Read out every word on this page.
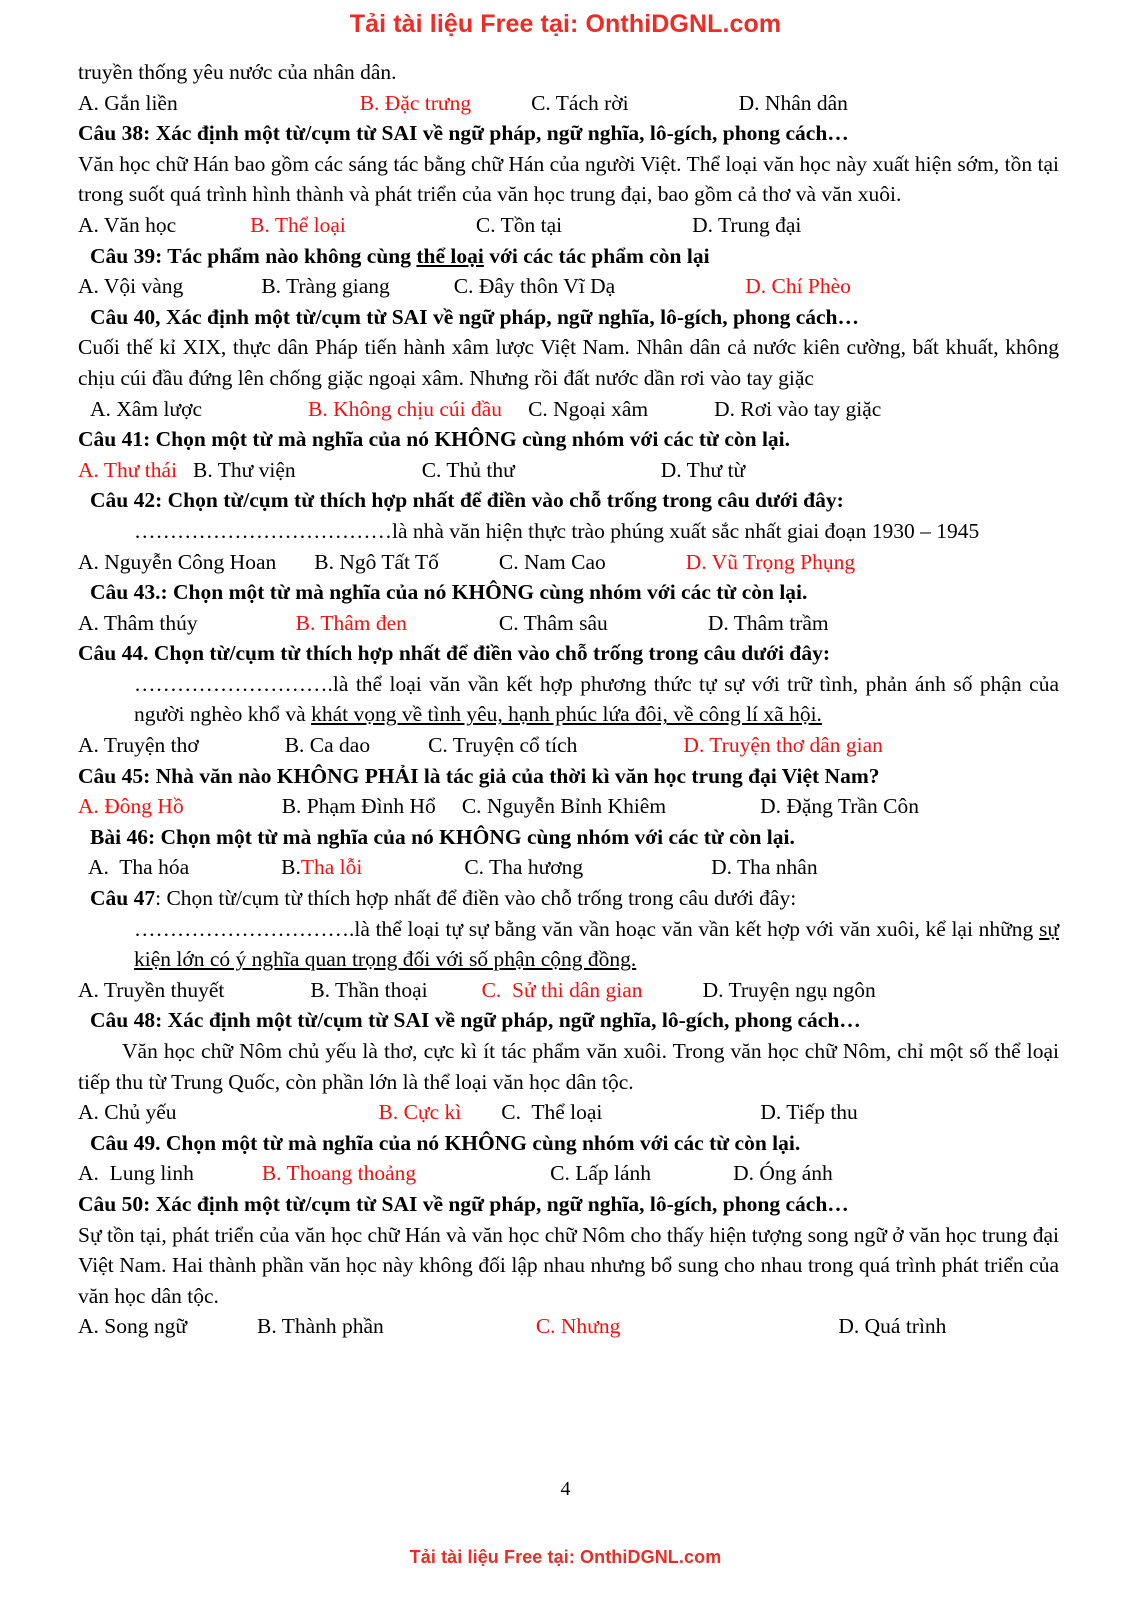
Tải tài liệu Free tại: OnthiDGNL.com
truyền thống yêu nước của nhân dân.
A. Gắn liền	B. Đặc trưng	C. Tách rời	D. Nhân dân
Câu 38: Xác định một từ/cụm từ SAI về ngữ pháp, ngữ nghĩa, lô-gích, phong cách…
Văn học chữ Hán bao gồm các sáng tác bằng chữ Hán của người Việt. Thể loại văn học này xuất hiện sớm, tồn tại trong suốt quá trình hình thành và phát triển của văn học trung đại, bao gồm cả thơ và văn xuôi.
A. Văn học	B. Thể loại	C. Tồn tại	D. Trung đại
Câu 39: Tác phẩm nào không cùng thể loại với các tác phẩm còn lại
A. Vội vàng	B. Tràng giang	C. Đây thôn Vĩ Dạ	D. Chí Phèo
Câu 40, Xác định một từ/cụm từ SAI về ngữ pháp, ngữ nghĩa, lô-gích, phong cách…
Cuối thế kỉ XIX, thực dân Pháp tiến hành xâm lược Việt Nam. Nhân dân cả nước kiên cường, bất khuất, không chịu cúi đầu đứng lên chống giặc ngoại xâm. Nhưng rồi đất nước dần rơi vào tay giặc
A. Xâm lược	B. Không chịu cúi đầu C. Ngoại xâm	D. Rơi vào tay giặc
Câu 41: Chọn một từ mà nghĩa của nó KHÔNG cùng nhóm với các từ còn lại.
A. Thư thái B. Thư viện	C. Thủ thư	D. Thư từ
Câu 42: Chọn từ/cụm từ thích hợp nhất để điền vào chỗ trống trong câu dưới đây:
………………………………là nhà văn hiện thực trào phúng xuất sắc nhất giai đoạn 1930 – 1945
A. Nguyễn Công Hoan B. Ngô Tất Tố	C. Nam Cao	D. Vũ Trọng Phụng
Câu 43.: Chọn một từ mà nghĩa của nó KHÔNG cùng nhóm với các từ còn lại.
A. Thâm thúy	B. Thâm đen	C. Thâm sâu	D. Thâm trầm
Câu 44. Chọn từ/cụm từ thích hợp nhất để điền vào chỗ trống trong câu dưới đây:
……………………….là thể loại văn vần kết hợp phương thức tự sự với trữ tình, phản ánh số phận của người nghèo khổ và khát vọng về tình yêu, hạnh phúc lứa đôi, về công lí xã hội.
A. Truyện thơ	B. Ca dao	C. Truyện cổ tích	D. Truyện thơ dân gian
Câu 45: Nhà văn nào KHÔNG PHẢI là tác giả của thời kì văn học trung đại Việt Nam?
A. Đông Hồ	B. Phạm Đình Hổ C. Nguyễn Bỉnh Khiêm	D. Đặng Trần Côn
Bài 46: Chọn một từ mà nghĩa của nó KHÔNG cùng nhóm với các từ còn lại.
A.  Tha hóa	B.Tha lỗi	C. Tha hương	D. Tha nhân
Câu 47: Chọn từ/cụm từ thích hợp nhất để điền vào chỗ trống trong câu dưới đây:
………………………….là thể loại tự sự bằng văn vần hoạc văn vần kết hợp với văn xuôi, kể lại những sự kiện lớn có ý nghĩa quan trọng đối với số phận cộng đồng.
A. Truyền thuyết	B. Thần thoại	C.  Sử thi dân gian	D. Truyện ngụ ngôn
Câu 48: Xác định một từ/cụm từ SAI về ngữ pháp, ngữ nghĩa, lô-gích, phong cách…
Văn học chữ Nôm chủ yếu là thơ, cực kì ít tác phẩm văn xuôi. Trong văn học chữ Nôm, chỉ một số thể loại tiếp thu từ Trung Quốc, còn phần lớn là thể loại văn học dân tộc.
A. Chủ yếu	B. Cực kì C.  Thể loại	D. Tiếp thu
Câu 49. Chọn một từ mà nghĩa của nó KHÔNG cùng nhóm với các từ còn lại.
A.  Lung linh	B. Thoang thoảng	C. Lấp lánh	D. Óng ánh
Câu 50: Xác định một từ/cụm từ SAI về ngữ pháp, ngữ nghĩa, lô-gích, phong cách…
Sự tồn tại, phát triển của văn học chữ Hán và văn học chữ Nôm cho thấy hiện tượng song ngữ ở văn học trung đại Việt Nam. Hai thành phần văn học này không đối lập nhau nhưng bổ sung cho nhau trong quá trình phát triển của văn học dân tộc.
A. Song ngữ	B. Thành phần	C. Nhưng	D. Quá trình
4
Tải tài liệu Free tại: OnthiDGNL.com
